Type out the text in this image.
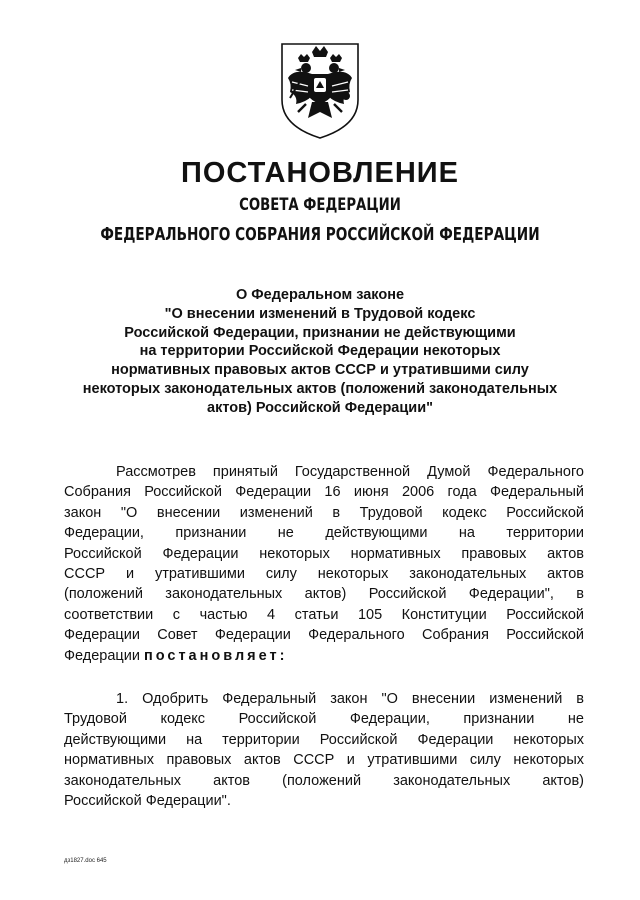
ПОСТАНОВЛЕНИЕ
СОВЕТА ФЕДЕРАЦИИ
ФЕДЕРАЛЬНОГО СОБРАНИЯ РОССИЙСКОЙ ФЕДЕРАЦИИ
О Федеральном законе
"О внесении изменений в Трудовой кодекс
Российской Федерации, признании не действующими
на территории Российской Федерации некоторых
нормативных правовых актов СССР и утратившими силу
некоторых законодательных актов (положений законодательных
актов) Российской Федерации"
Рассмотрев принятый Государственной Думой Федерального
Собрания Российской Федерации 16 июня 2006 года Федеральный
закон "О внесении изменений в Трудовой кодекс Российской
Федерации, признании не действующими на территории
Российской Федерации некоторых нормативных правовых актов
СССР и утратившими силу некоторых законодательных актов
(положений законодательных актов) Российской Федерации", в
соответствии с частью 4 статьи 105 Конституции Российской
Федерации Совет Федерации Федерального Собрания Российской
Федерации постановляет:
1. Одобрить Федеральный закон "О внесении изменений в
Трудовой кодекс Российской Федерации, признании не
действующими на территории Российской Федерации некоторых
нормативных правовых актов СССР и утратившими силу некоторых
законодательных актов (положений законодательных актов)
Российской Федерации".
дз1827.doc 645
